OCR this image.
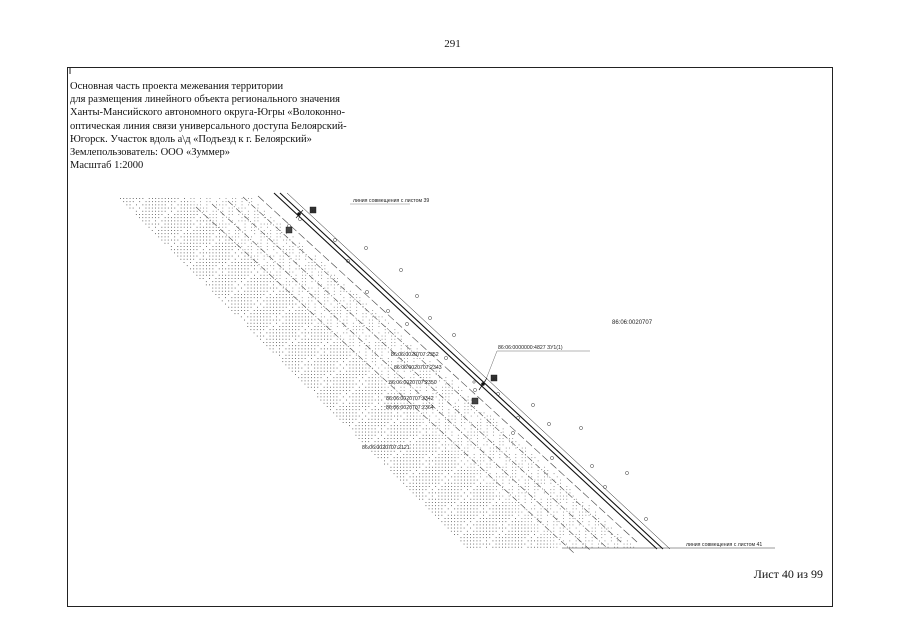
291
Основная часть проекта межевания территории
для размещения линейного объекта регионального значения
Ханты-Мансийского автономного округа-Югры «Волоконно-
оптическая линия связи универсального доступа Белоярский-
Югорск. Участок вдоль а\д «Подъезд к г. Белоярский»
Землепользователь: ООО «Зуммер»
Масштаб 1:2000
линия совмещения с листом 39
линия совмещения с листом 41
86:06:0020707
86:06:0000000:4827 ЗУ1(1)
86:06:0020707:2352
86:06:0020707:2343
86:06:0020707:2350
86:06:0020707:2342
86:06:0020707:2364
86:06:0020707:2121
39
40
Лист 40 из 99
